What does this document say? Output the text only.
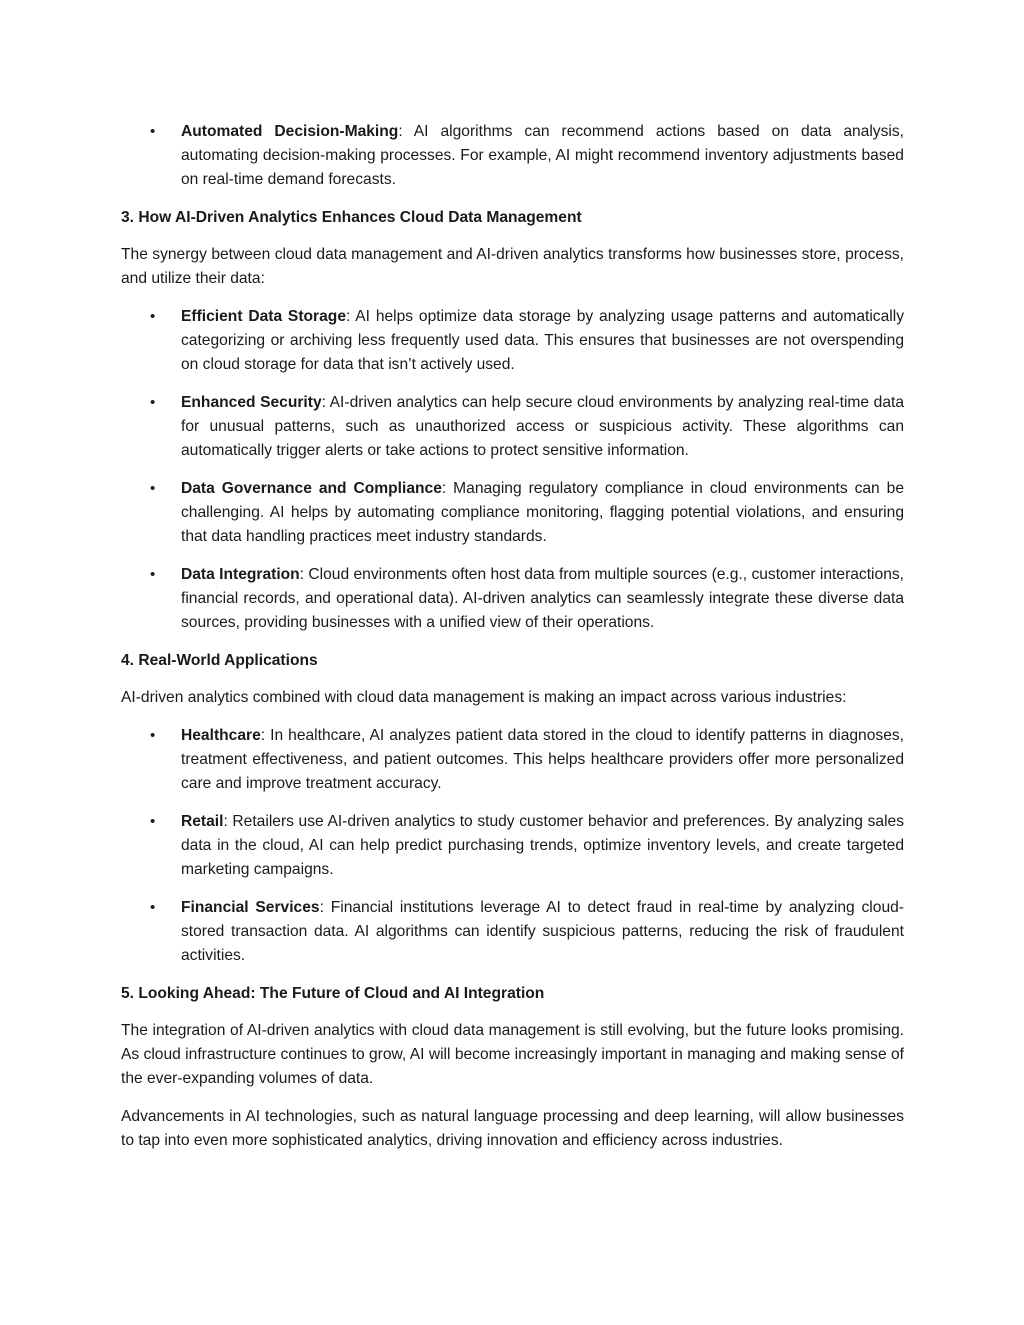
• Automated Decision-Making: AI algorithms can recommend actions based on data analysis, automating decision-making processes. For example, AI might recommend inventory adjustments based on real-time demand forecasts.
3. How AI-Driven Analytics Enhances Cloud Data Management

The synergy between cloud data management and AI-driven analytics transforms how businesses store, process, and utilize their data:

• Efficient Data Storage: AI helps optimize data storage by analyzing usage patterns and automatically categorizing or archiving less frequently used data. This ensures that businesses are not overspending on cloud storage for data that isn’t actively used.
• Enhanced Security: AI-driven analytics can help secure cloud environments by analyzing real-time data for unusual patterns, such as unauthorized access or suspicious activity. These algorithms can automatically trigger alerts or take actions to protect sensitive information.
• Data Governance and Compliance: Managing regulatory compliance in cloud environments can be challenging. AI helps by automating compliance monitoring, flagging potential violations, and ensuring that data handling practices meet industry standards.
• Data Integration: Cloud environments often host data from multiple sources (e.g., customer interactions, financial records, and operational data). AI-driven analytics can seamlessly integrate these diverse data sources, providing businesses with a unified view of their operations.
4. Real-World Applications

AI-driven analytics combined with cloud data management is making an impact across various industries:

• Healthcare: In healthcare, AI analyzes patient data stored in the cloud to identify patterns in diagnoses, treatment effectiveness, and patient outcomes. This helps healthcare providers offer more personalized care and improve treatment accuracy.
• Retail: Retailers use AI-driven analytics to study customer behavior and preferences. By analyzing sales data in the cloud, AI can help predict purchasing trends, optimize inventory levels, and create targeted marketing campaigns.
• Financial Services: Financial institutions leverage AI to detect fraud in real-time by analyzing cloud-stored transaction data. AI algorithms can identify suspicious patterns, reducing the risk of fraudulent activities.
5. Looking Ahead: The Future of Cloud and AI Integration

The integration of AI-driven analytics with cloud data management is still evolving, but the future looks promising. As cloud infrastructure continues to grow, AI will become increasingly important in managing and making sense of the ever-expanding volumes of data.

Advancements in AI technologies, such as natural language processing and deep learning, will allow businesses to tap into even more sophisticated analytics, driving innovation and efficiency across industries.
